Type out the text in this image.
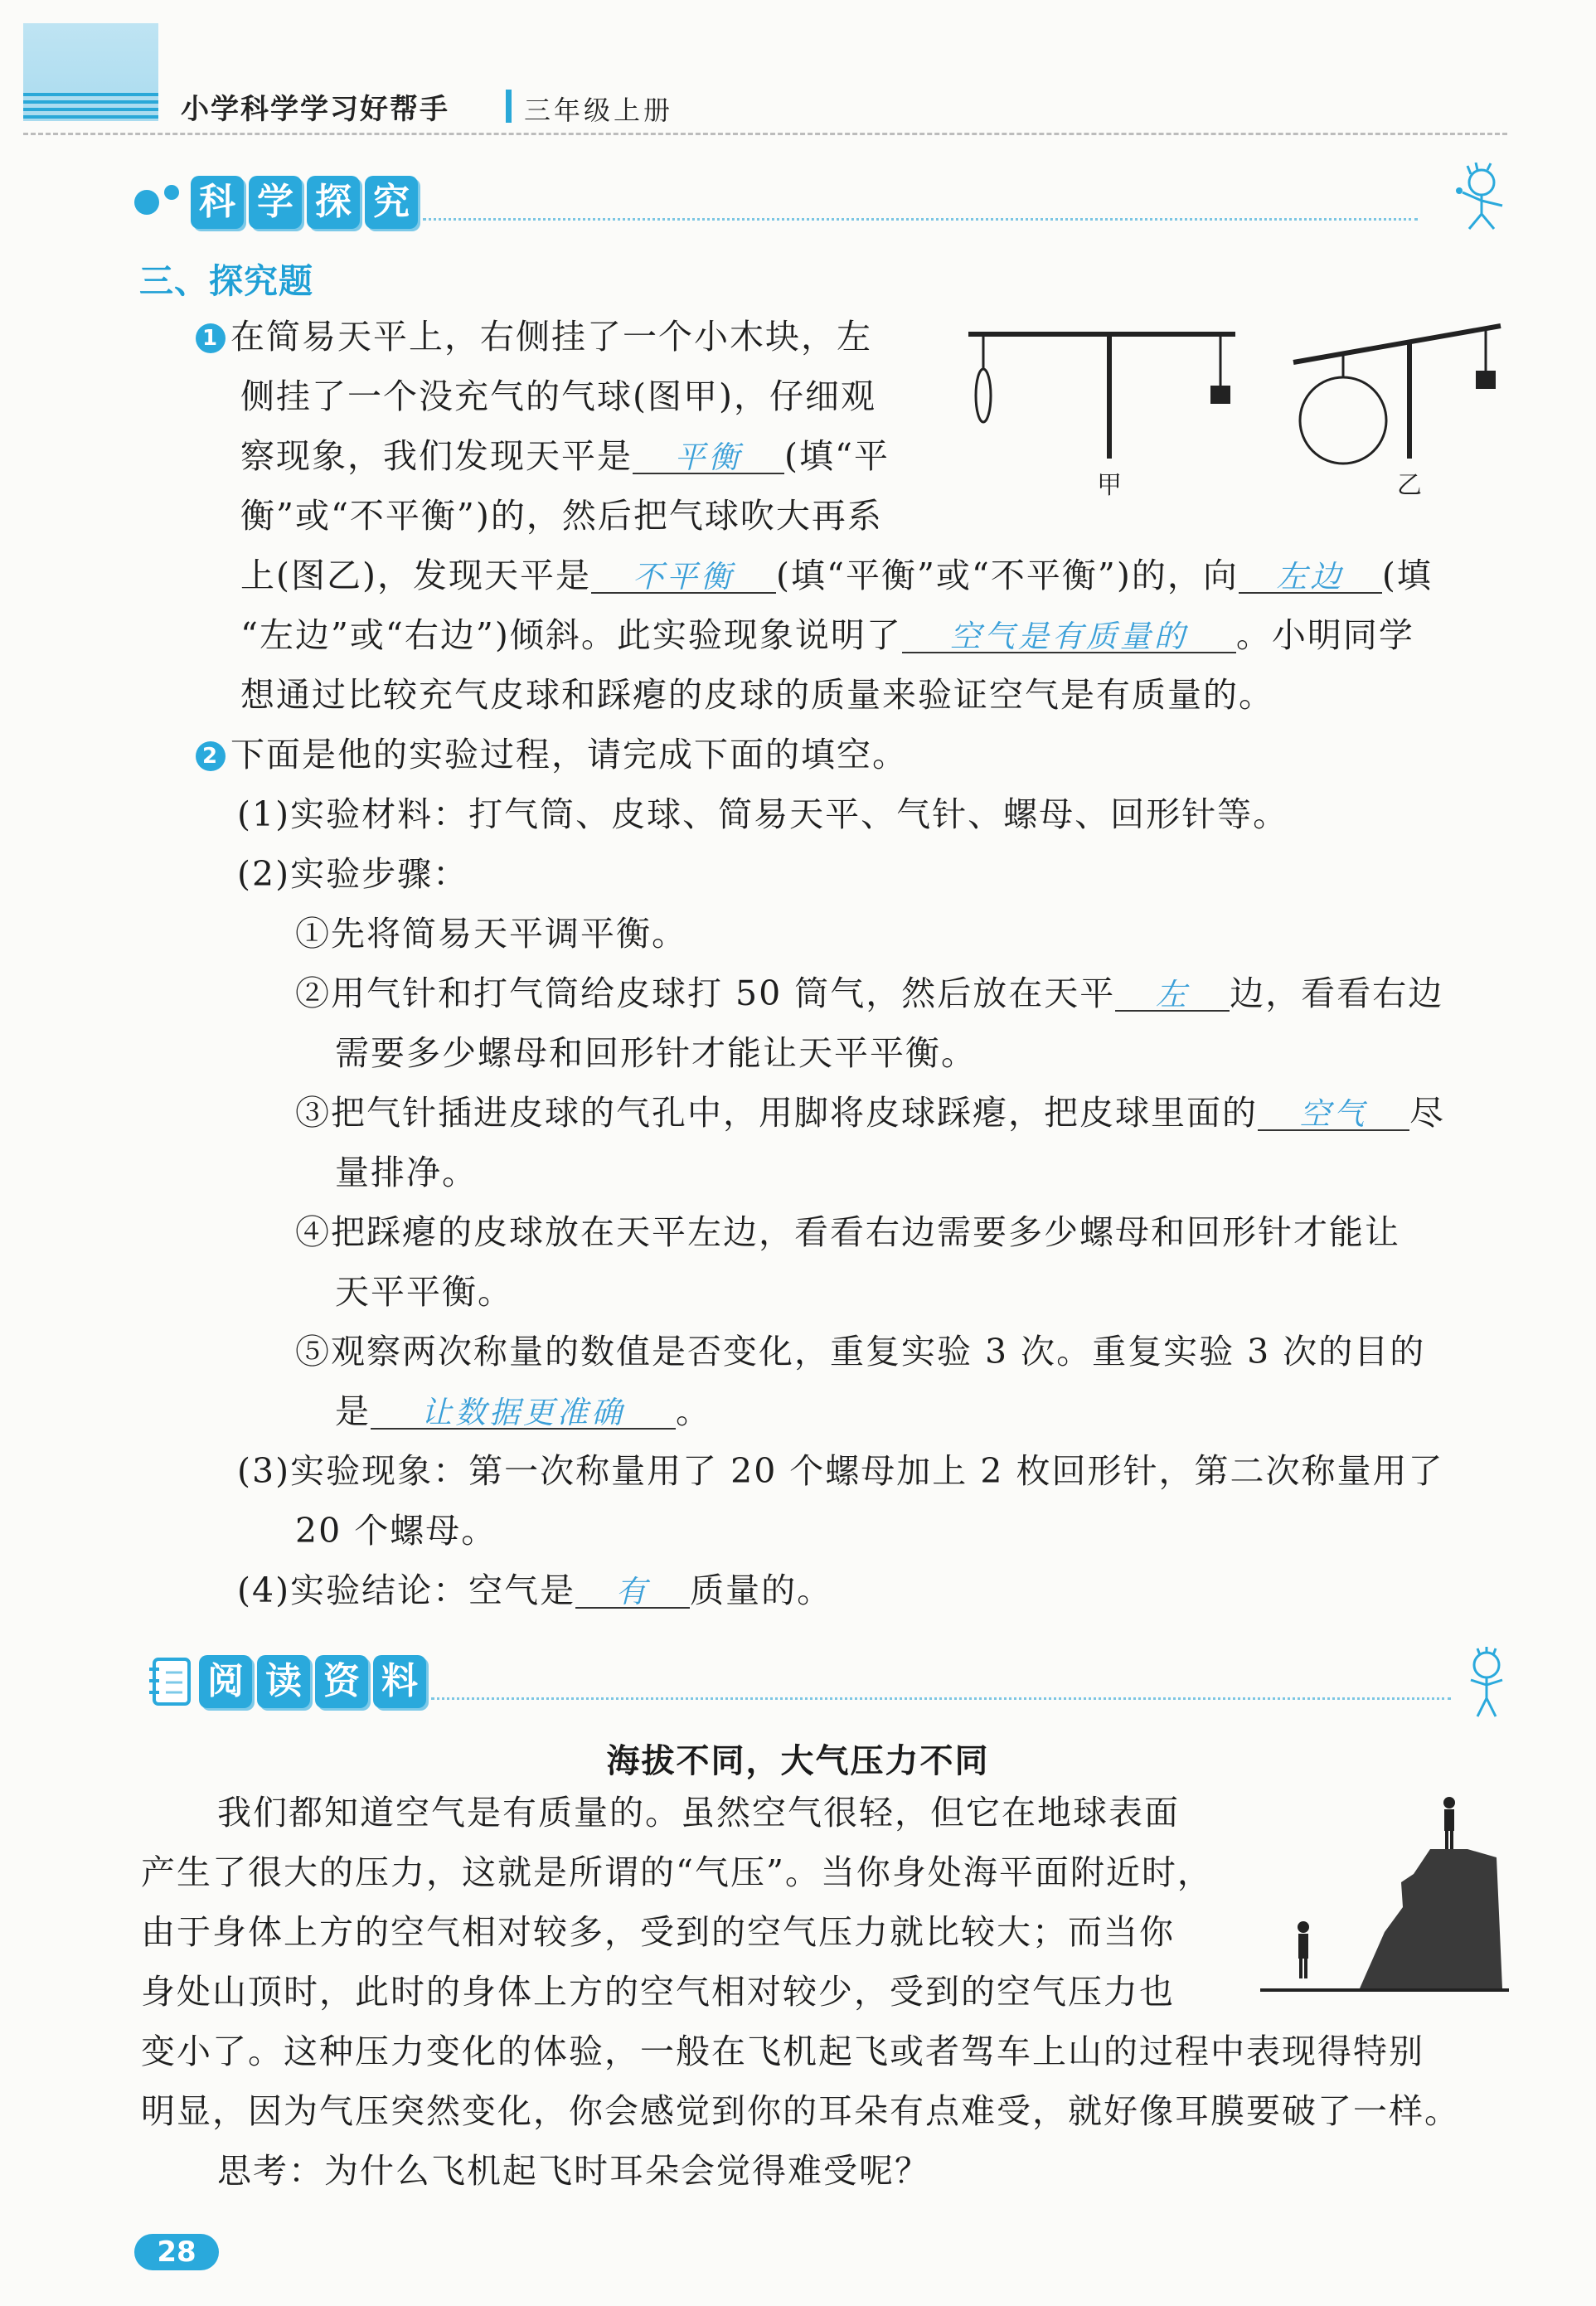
小学科学学习好帮手	三年级上册
科 学 探 究
三、探究题
1 在简易天平上，右侧挂了一个小木块，左
侧挂了一个没充气的气球(图甲)，仔细观
察现象，我们发现天平是 平衡 (填“平
衡”或“不平衡”)的，然后把气球吹大再系
上(图乙)，发现天平是 不平衡 (填“平衡”或“不平衡”)的，向 左边 (填
“左边”或“右边”)倾斜。此实验现象说明了 空气是有质量的 。小明同学
想通过比较充气皮球和踩瘪的皮球的质量来验证空气是有质量的。
甲	乙
2 下面是他的实验过程，请完成下面的填空。
(1)实验材料：打气筒、皮球、简易天平、气针、螺母、回形针等。
(2)实验步骤：
①先将简易天平调平衡。
②用气针和打气筒给皮球打 50 筒气，然后放在天平 左 边，看看右边
需要多少螺母和回形针才能让天平平衡。
③把气针插进皮球的气孔中，用脚将皮球踩瘪，把皮球里面的 空气 尽
量排净。
④把踩瘪的皮球放在天平左边，看看右边需要多少螺母和回形针才能让
天平平衡。
⑤观察两次称量的数值是否变化，重复实验 3 次。重复实验 3 次的目的
是 让数据更准确 。
(3)实验现象：第一次称量用了 20 个螺母加上 2 枚回形针，第二次称量用了
20 个螺母。
(4)实验结论：空气是 有 质量的。
阅 读 资 料
海拔不同，大气压力不同
我们都知道空气是有质量的。虽然空气很轻，但它在地球表面
产生了很大的压力，这就是所谓的“气压”。当你身处海平面附近时，
由于身体上方的空气相对较多，受到的空气压力就比较大；而当你
身处山顶时，此时的身体上方的空气相对较少，受到的空气压力也
变小了。这种压力变化的体验，一般在飞机起飞或者驾车上山的过程中表现得特别
明显，因为气压突然变化，你会感觉到你的耳朵有点难受，就好像耳膜要破了一样。
思考：为什么飞机起飞时耳朵会觉得难受呢？
28
